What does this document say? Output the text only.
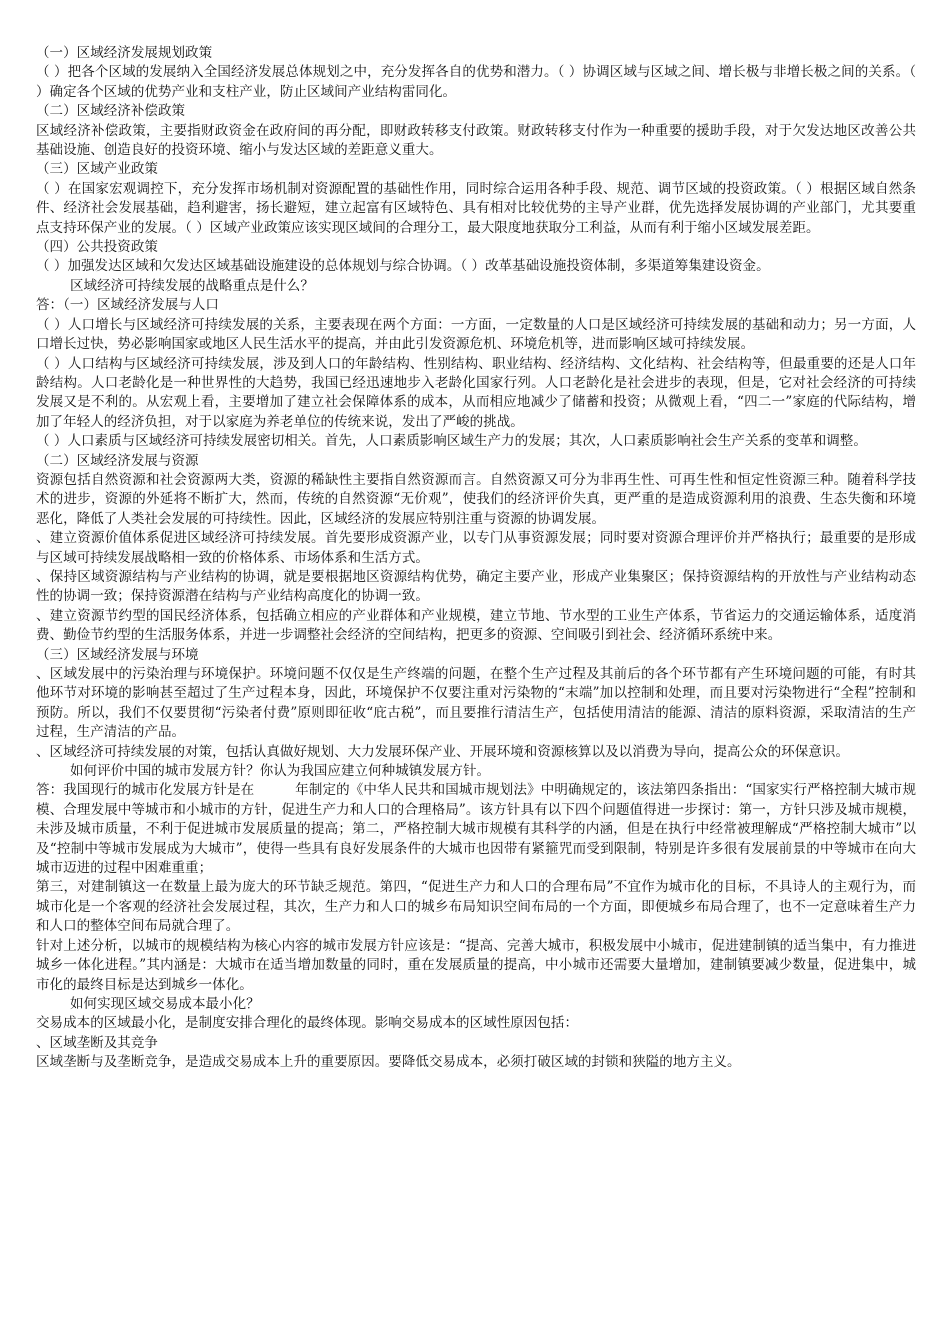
（一）区域经济发展规划政策

（ ）把各个区域的发展纳入全国经济发展总体规划之中，充分发挥各自的优势和潜力。（ ）协调区域与区域之间、增长极与非增长极之间的关系。（ ）确定各个区域的优势产业和支柱产业，防止区域间产业结构雷同化。

（二）区域经济补偿政策

区域经济补偿政策，主要指财政资金在政府间的再分配，即财政转移支付政策。财政转移支付作为一种重要的援助手段，对于欠发达地区改善公共基础设施、创造良好的投资环境、缩小与发达区域的差距意义重大。

（三）区域产业政策

（ ）在国家宏观调控下，充分发挥市场机制对资源配置的基础性作用，同时综合运用各种手段、规范、调节区域的投资政策。（ ）根据区域自然条件、经济社会发展基础，趋利避害，扬长避短，建立起富有区域特色、具有相对比较优势的主导产业群，优先选择发展协调的产业部门，尤其要重点支持环保产业的发展。（ ）区域产业政策应该实现区域间的合理分工，最大限度地获取分工利益，从而有利于缩小区域发展差距。

（四）公共投资政策

（ ）加强发达区域和欠发达区域基础设施建设的总体规划与综合协调。（ ）改革基础设施投资体制，多渠道筹集建设资金。

区域经济可持续发展的战略重点是什么？

答：（一）区域经济发展与人口

（ ）人口增长与区域经济可持续发展的关系，主要表现在两个方面：一方面，一定数量的人口是区域经济可持续发展的基础和动力；另一方面，人口增长过快，势必影响国家或地区人民生活水平的提高，并由此引发资源危机、环境危机等，进而影响区域可持续发展。

（ ）人口结构与区域经济可持续发展，涉及到人口的年龄结构、性别结构、职业结构、经济结构、文化结构、社会结构等，但最重要的还是人口年龄结构。人口老龄化是一种世界性的大趋势，我国已经迅速地步入老龄化国家行列。人口老龄化是社会进步的表现，但是，它对社会经济的可持续发展又是不利的。从宏观上看，主要增加了建立社会保障体系的成本，从而相应地减少了储蓄和投资；从微观上看，“四二一”家庭的代际结构，增加了年轻人的经济负担，对于以家庭为养老单位的传统来说，发出了严峻的挑战。

（ ）人口素质与区域经济可持续发展密切相关。首先，人口素质影响区域生产力的发展；其次，人口素质影响社会生产关系的变革和调整。

（二）区域经济发展与资源

资源包括自然资源和社会资源两大类，资源的稀缺性主要指自然资源而言。自然资源又可分为非再生性、可再生性和恒定性资源三种。随着科学技术的进步，资源的外延将不断扩大，然而，传统的自然资源“无价观”，使我们的经济评价失真，更严重的是造成资源利用的浪费、生态失衡和环境恶化，降低了人类社会发展的可持续性。因此，区域经济的发展应特别注重与资源的协调发展。

、建立资源价值体系促进区域经济可持续发展。首先要形成资源产业，以专门从事资源发展；同时要对资源合理评价并严格执行；最重要的是形成与区域可持续发展战略相一致的价格体系、市场体系和生活方式。

、保持区域资源结构与产业结构的协调，就是要根据地区资源结构优势，确定主要产业，形成产业集聚区；保持资源结构的开放性与产业结构动态性的协调一致；保持资源潜在结构与产业结构高度化的协调一致。

、建立资源节约型的国民经济体系，包括确立相应的产业群体和产业规模，建立节地、节水型的工业生产体系，节省运力的交通运输体系，适度消费、勤俭节约型的生活服务体系，并进一步调整社会经济的空间结构，把更多的资源、空间吸引到社会、经济循环系统中来。

（三）区域经济发展与环境

、区域发展中的污染治理与环境保护。环境问题不仅仅是生产终端的问题，在整个生产过程及其前后的各个环节都有产生环境问题的可能，有时其他环节对环境的影响甚至超过了生产过程本身，因此，环境保护不仅要注重对污染物的“末端”加以控制和处理，而且要对污染物进行“全程”控制和预防。所以，我们不仅要贯彻“污染者付费”原则即征收“庇古税”，而且要推行清洁生产，包括使用清洁的能源、清洁的原料资源，采取清洁的生产过程，生产清洁的产品。

、区域经济可持续发展的对策，包括认真做好规划、大力发展环保产业、开展环境和资源核算以及以消费为导向，提高公众的环保意识。

如何评价中国的城市发展方针？你认为我国应建立何种城镇发展方针。

答：我国现行的城市化发展方针是在　　　年制定的《中华人民共和国城市规划法》中明确规定的，该法第四条指出：“国家实行严格控制大城市规模、合理发展中等城市和小城市的方针，促进生产力和人口的合理格局”。该方针具有以下四个问题值得进一步探讨：第一，方针只涉及城市规模，未涉及城市质量，不利于促进城市发展质量的提高；第二，严格控制大城市规模有其科学的内涵，但是在执行中经常被理解成“严格控制大城市”以及“控制中等城市发展成为大城市”，使得一些具有良好发展条件的大城市也因带有紧箍咒而受到限制，特别是许多很有发展前景的中等城市在向大城市迈进的过程中困难重重；

第三，对建制镇这一在数量上最为庞大的环节缺乏规范。第四，“促进生产力和人口的合理布局”不宜作为城市化的目标，不具诗人的主观行为，而城市化是一个客观的经济社会发展过程，其次，生产力和人口的城乡布局知识空间布局的一个方面，即便城乡布局合理了，也不一定意味着生产力和人口的整体空间布局就合理了。

针对上述分析，以城市的规模结构为核心内容的城市发展方针应该是：“提高、完善大城市，积极发展中小城市，促进建制镇的适当集中，有力推进城乡一体化进程。”其内涵是：大城市在适当增加数量的同时，重在发展质量的提高，中小城市还需要大量增加，建制镇要减少数量，促进集中，城市化的最终目标是达到城乡一体化。

如何实现区域交易成本最小化？

交易成本的区域最小化，是制度安排合理化的最终体现。影响交易成本的区域性原因包括：

、区域垄断及其竞争

区域垄断与及垄断竞争，是造成交易成本上升的重要原因。要降低交易成本，必须打破区域的封锁和狭隘的地方主义。
